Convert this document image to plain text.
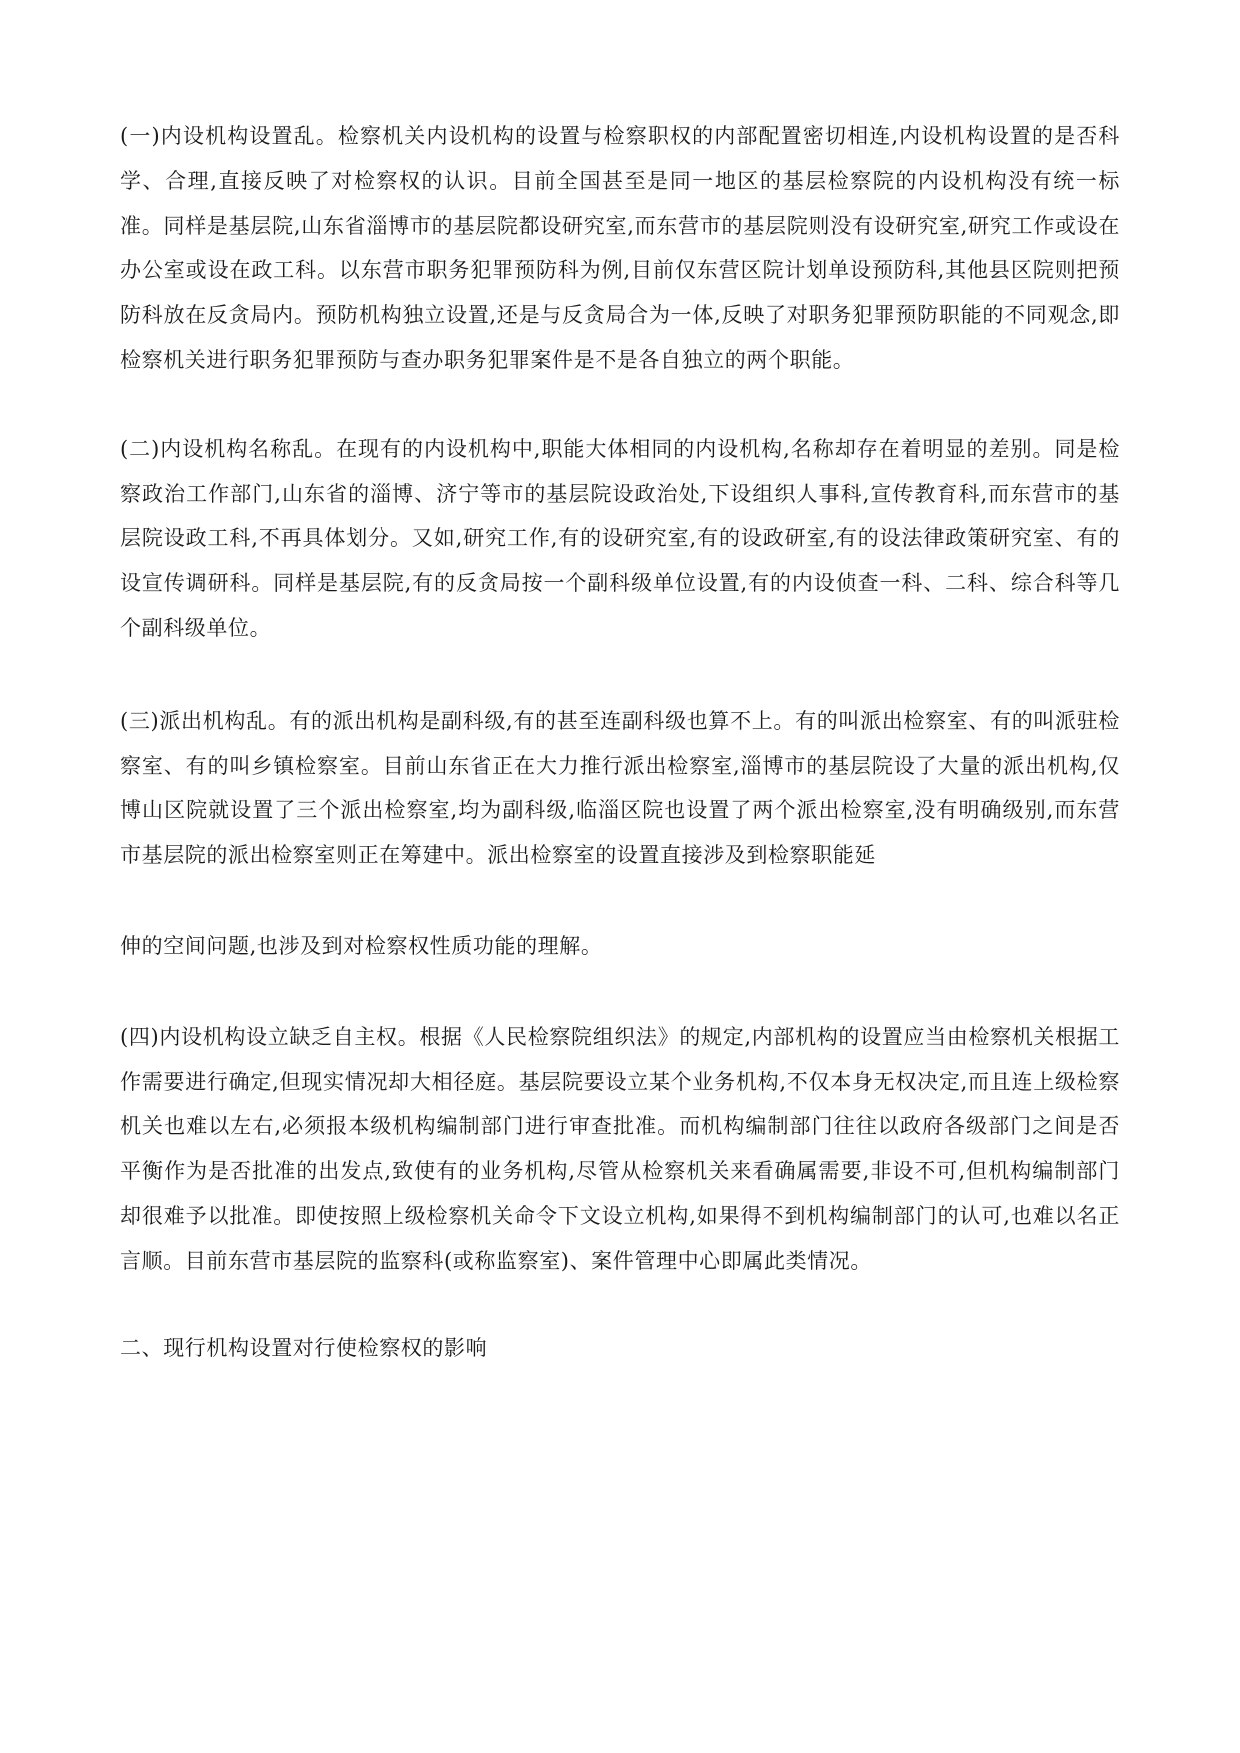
(一)内设机构设置乱。检察机关内设机构的设置与检察职权的内部配置密切相连,内设机构设置的是否科学、合理,直接反映了对检察权的认识。目前全国甚至是同一地区的基层检察院的内设机构没有统一标准。同样是基层院,山东省淄博市的基层院都设研究室,而东营市的基层院则没有设研究室,研究工作或设在办公室或设在政工科。以东营市职务犯罪预防科为例,目前仅东营区院计划单设预防科,其他县区院则把预防科放在反贪局内。预防机构独立设置,还是与反贪局合为一体,反映了对职务犯罪预防职能的不同观念,即检察机关进行职务犯罪预防与查办职务犯罪案件是不是各自独立的两个职能。

(二)内设机构名称乱。在现有的内设机构中,职能大体相同的内设机构,名称却存在着明显的差别。同是检察政治工作部门,山东省的淄博、济宁等市的基层院设政治处,下设组织人事科,宣传教育科,而东营市的基层院设政工科,不再具体划分。又如,研究工作,有的设研究室,有的设政研室,有的设法律政策研究室、有的设宣传调研科。同样是基层院,有的反贪局按一个副科级单位设置,有的内设侦查一科、二科、综合科等几个副科级单位。

(三)派出机构乱。有的派出机构是副科级,有的甚至连副科级也算不上。有的叫派出检察室、有的叫派驻检察室、有的叫乡镇检察室。目前山东省正在大力推行派出检察室,淄博市的基层院设了大量的派出机构,仅博山区院就设置了三个派出检察室,均为副科级,临淄区院也设置了两个派出检察室,没有明确级别,而东营市基层院的派出检察室则正在筹建中。派出检察室的设置直接涉及到检察职能延

伸的空间问题,也涉及到对检察权性质功能的理解。

(四)内设机构设立缺乏自主权。根据《人民检察院组织法》的规定,内部机构的设置应当由检察机关根据工作需要进行确定,但现实情况却大相径庭。基层院要设立某个业务机构,不仅本身无权决定,而且连上级检察机关也难以左右,必须报本级机构编制部门进行审查批准。而机构编制部门往往以政府各级部门之间是否平衡作为是否批准的出发点,致使有的业务机构,尽管从检察机关来看确属需要,非设不可,但机构编制部门却很难予以批准。即使按照上级检察机关命令下文设立机构,如果得不到机构编制部门的认可,也难以名正言顺。目前东营市基层院的监察科(或称监察室)、案件管理中心即属此类情况。

二、现行机构设置对行使检察权的影响
